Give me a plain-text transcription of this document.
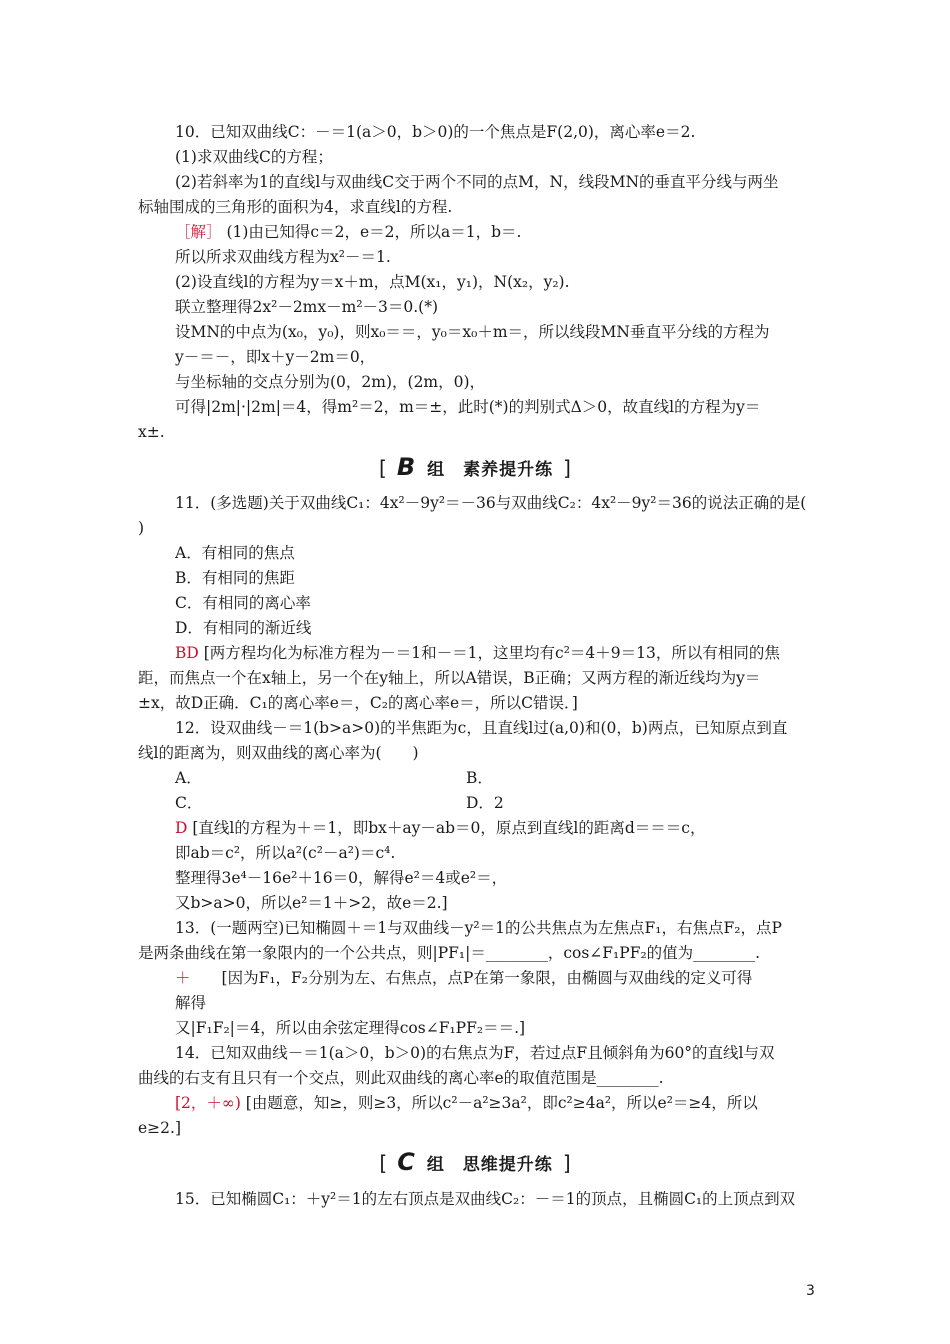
10．已知双曲线C：－＝1(a＞0，b＞0)的一个焦点是F(2,0)，离心率e＝2.
(1)求双曲线C的方程；
(2)若斜率为1的直线l与双曲线C交于两个不同的点M，N，线段MN的垂直平分线与两坐
标轴围成的三角形的面积为4，求直线l的方程.
［解］ (1)由已知得c＝2，e＝2，所以a＝1，b＝.
所以所求双曲线方程为x²－＝1.
(2)设直线l的方程为y＝x＋m，点M(x₁，y₁)，N(x₂，y₂).
联立整理得2x²－2mx－m²－3＝0.(*)
设MN的中点为(x₀，y₀)，则x₀＝＝，y₀＝x₀＋m＝，所以线段MN垂直平分线的方程为
y－＝－，即x＋y－2m＝0，
与坐标轴的交点分别为(0，2m)，(2m，0)，
可得|2m|·|2m|＝4，得m²＝2，m＝±，此时(*)的判别式Δ＞0，故直线l的方程为y＝
x±.
11．(多选题)关于双曲线C₁：4x²－9y²＝－36与双曲线C₂：4x²－9y²＝36的说法正确的是(
)
A．有相同的焦点
B．有相同的焦距
C．有相同的离心率
D．有相同的渐近线
BD [两方程均化为标准方程为－＝1和－＝1，这里均有c²＝4＋9＝13，所以有相同的焦
距，而焦点一个在x轴上，另一个在y轴上，所以A错误，B正确；又两方程的渐近线均为y＝
±x，故D正确．C₁的离心率e＝，C₂的离心率e＝，所以C错误．]
12．设双曲线－＝1(b>a>0)的半焦距为c，且直线l过(a,0)和(0，b)两点，已知原点到直
线l的距离为，则双曲线的离心率为(　　)
A．	B．
C．	D．2
D [直线l的方程为＋＝1，即bx＋ay－ab＝0，原点到直线l的距离d＝＝＝c，
即ab＝c²，所以a²(c²－a²)＝c⁴.
整理得3e⁴－16e²＋16＝0，解得e²＝4或e²＝，
又b>a>0，所以e²＝1＋>2，故e＝2.]
13．(一题两空)已知椭圆＋＝1与双曲线－y²＝1的公共焦点为左焦点F₁，右焦点F₂，点P
是两条曲线在第一象限内的一个公共点，则|PF₁|＝________，cos∠F₁PF₂的值为________.
＋　　[因为F₁，F₂分别为左、右焦点，点P在第一象限，由椭圆与双曲线的定义可得
解得
又|F₁F₂|＝4，所以由余弦定理得cos∠F₁PF₂＝＝.]
14．已知双曲线－＝1(a＞0，b＞0)的右焦点为F，若过点F且倾斜角为60°的直线l与双
曲线的右支有且只有一个交点，则此双曲线的离心率e的取值范围是________.
[2，＋∞) [由题意，知≥，则≥3，所以c²－a²≥3a²，即c²≥4a²，所以e²＝≥4，所以
e≥2.]
15．已知椭圆C₁：＋y²＝1的左右顶点是双曲线C₂：－＝1的顶点，且椭圆C₁的上顶点到双
[ B 组　素养提升练 ]
[ C 组　思维提升练 ]
3
